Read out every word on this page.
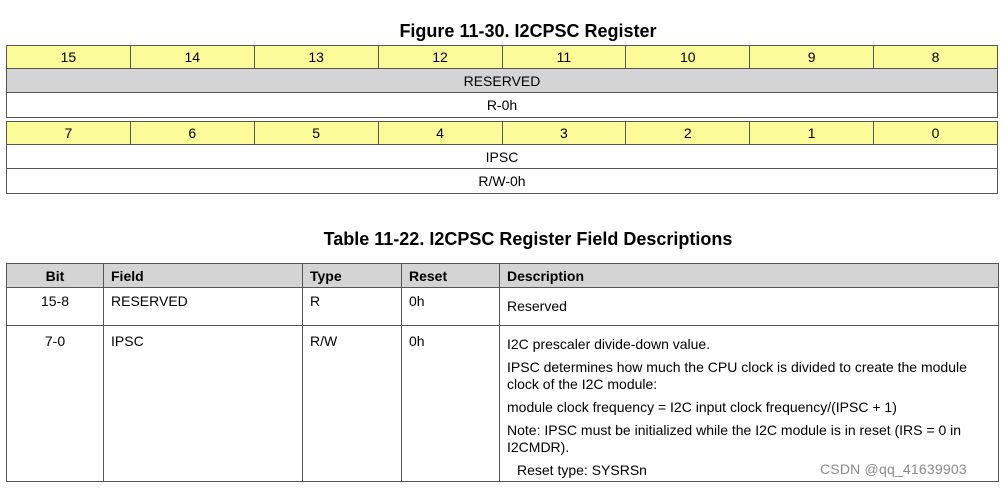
Figure 11-30. I2CPSC Register
15	14	13	12	11	10	9	8
RESERVED
R-0h
7	6	5	4	3	2	1	0
IPSC
R/W-0h
Table 11-22. I2CPSC Register Field Descriptions
Bit	Field	Type	Reset	Description
15-8	RESERVED	R	0h	Reserved
7-0	IPSC	R/W	0h	I2C prescaler divide-down value.
IPSC determines how much the CPU clock is divided to create the module clock of the I2C module:
module clock frequency = I2C input clock frequency/(IPSC + 1)
Note: IPSC must be initialized while the I2C module is in reset (IRS = 0 in I2CMDR).
Reset type: SYSRSn	CSDN @qq_41639903
